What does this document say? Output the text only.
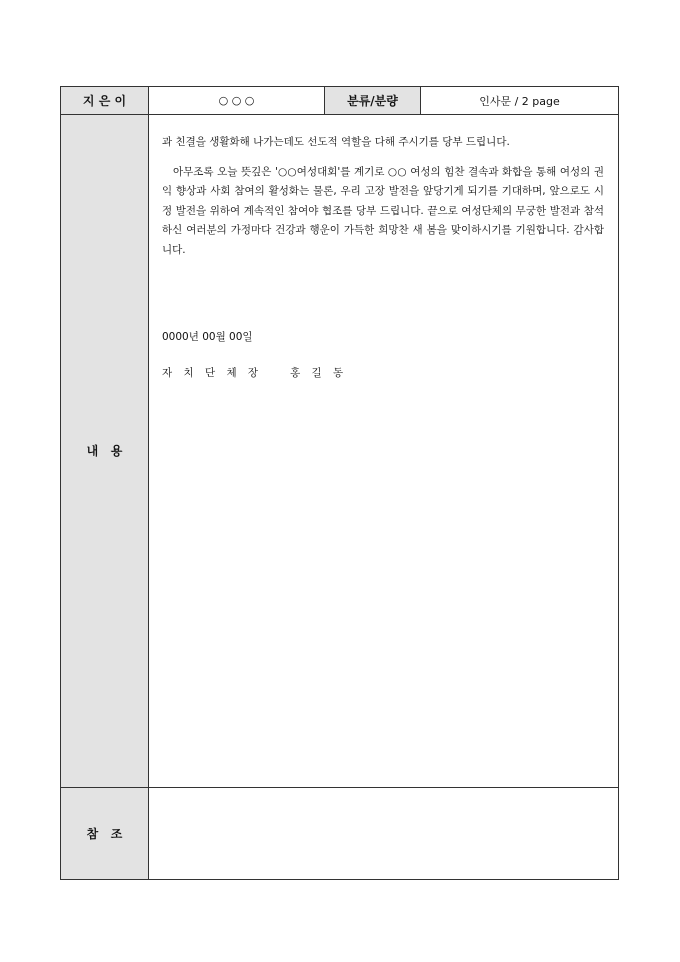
지 은 이	○ ○ ○	분류/분량	인사문 / 2 page
내   용	과 친결을 생활화해 나가는데도 선도적 역할을 다해 주시기를 당부 드립니다.

아무조록 오늘 뜻깊은 '○○여성대회'를 계기로 ○○ 여성의 힘찬 결속과 화합을 통해 여성의 권익 향상과 사회 참여의 활성화는 물론, 우리 고장 발전을 앞당기게 되기를 기대하며, 앞으로도 시정 발전을 위하여 계속적인 참여야 협조를 당부 드립니다. 끝으로 여성단체의 무궁한 발전과 참석하신 여러분의 가정마다 건강과 행운이 가득한 희망찬 새 봄을 맞이하시기를 기원합니다. 감사합니다.

0000년 00월 00일

자 치 단 체 장   홍 길 동		

참   조			
